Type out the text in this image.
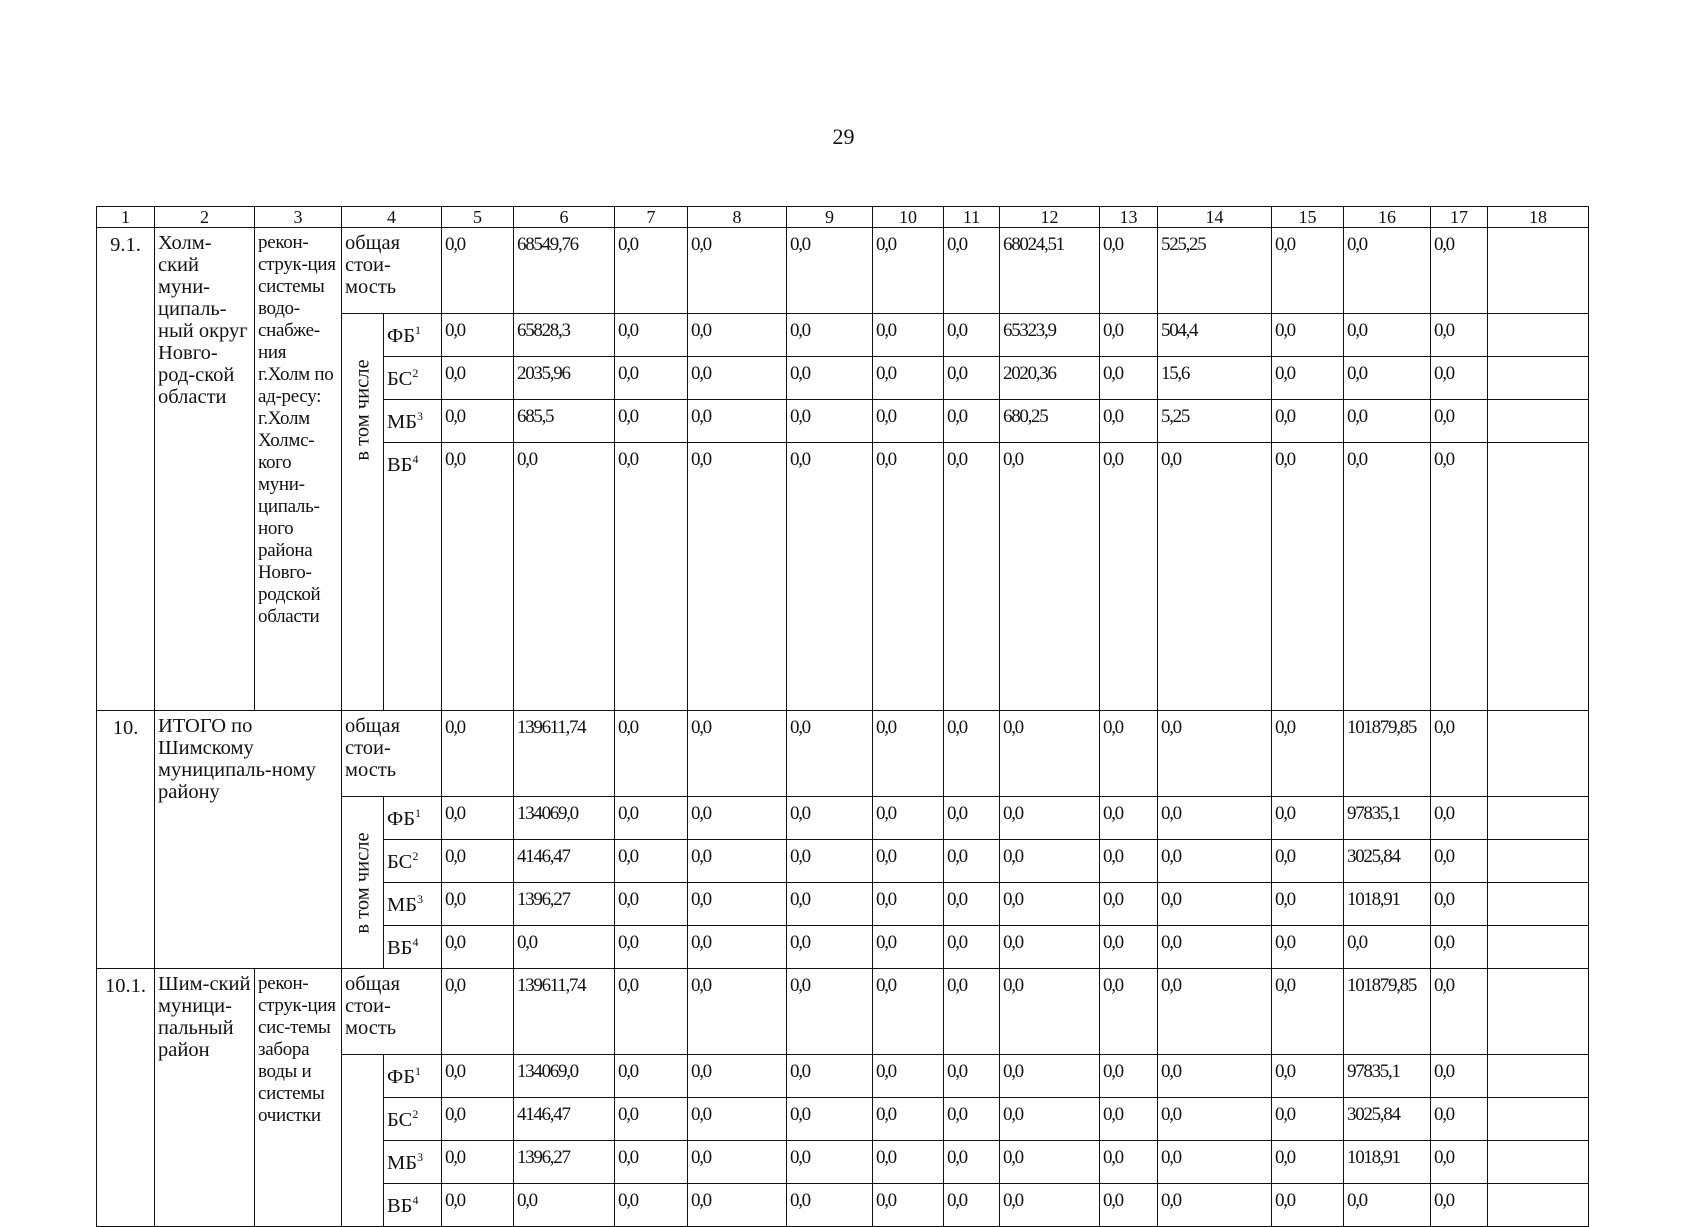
29
1	2	3	4		5	6	7	8	9	10	11	12	13	14	15	16	17	18
9.1.	Холм-ский муни-ципаль-ный округ Новго-род-ской области	рекон-струк-ция системы водо-снабже-ния г.Холм по ад-ресу: г.Холм Холмс-кого муни-ципаль-ного района Новго-родской области	общая стои-мость		0,0	68549,76	0,0	0,0	0,0	0,0	0,0	68024,51	0,0	525,25	0,0	0,0	0,0	

			в том числе	$ФБ^1$	0,0	65828,3	0,0	0,0	0,0	0,0	0,0	65323,9	0,0	504,4	0,0	0,0	0,0	
				$БС^2$	0,0	2035,96	0,0	0,0	0,0	0,0	0,0	2020,36	0,0	15,6	0,0	0,0	0,0	
				$МБ^3$	0,0	685,5	0,0	0,0	0,0	0,0	0,0	680,25	0,0	5,25	0,0	0,0	0,0	
				$ВБ^4$	0,0	0,0	0,0	0,0	0,0	0,0	0,0	0,0	0,0	0,0	0,0	0,0	0,0	
10.	ИТОГО по Шимскому муниципаль-ному району		общая стои-мость		0,0	139611,74	0,0	0,0	0,0	0,0	0,0	0,0	0,0	0,0	0,0	101879,85	0,0	

			в том числе	$ФБ^1$	0,0	134069,0	0,0	0,0	0,0	0,0	0,0	0,0	0,0	0,0	0,0	97835,1	0,0	
				$БС^2$	0,0	4146,47	0,0	0,0	0,0	0,0	0,0	0,0	0,0	0,0	0,0	3025,84	0,0	
				$МБ^3$	0,0	1396,27	0,0	0,0	0,0	0,0	0,0	0,0	0,0	0,0	0,0	1018,91	0,0	
				$ВБ^4$	0,0	0,0	0,0	0,0	0,0	0,0	0,0	0,0	0,0	0,0	0,0	0,0	0,0	
10.1.	Шим-ский муници-пальный район	рекон-струк-ция сис-темы забора воды и системы очистки	общая стои-мость		0,0	139611,74	0,0	0,0	0,0	0,0	0,0	0,0	0,0	0,0	0,0	101879,85	0,0	
				$ФБ^1$	0,0	134069,0	0,0	0,0	0,0	0,0	0,0	0,0	0,0	0,0	0,0	97835,1	0,0	
				$БС^2$	0,0	4146,47	0,0	0,0	0,0	0,0	0,0	0,0	0,0	0,0	0,0	3025,84	0,0	
				$МБ^3$	0,0	1396,27	0,0	0,0	0,0	0,0	0,0	0,0	0,0	0,0	0,0	1018,91	0,0	
				$ВБ^4$	0,0	0,0	0,0	0,0	0,0	0,0	0,0	0,0	0,0	0,0	0,0	0,0	0,0	
